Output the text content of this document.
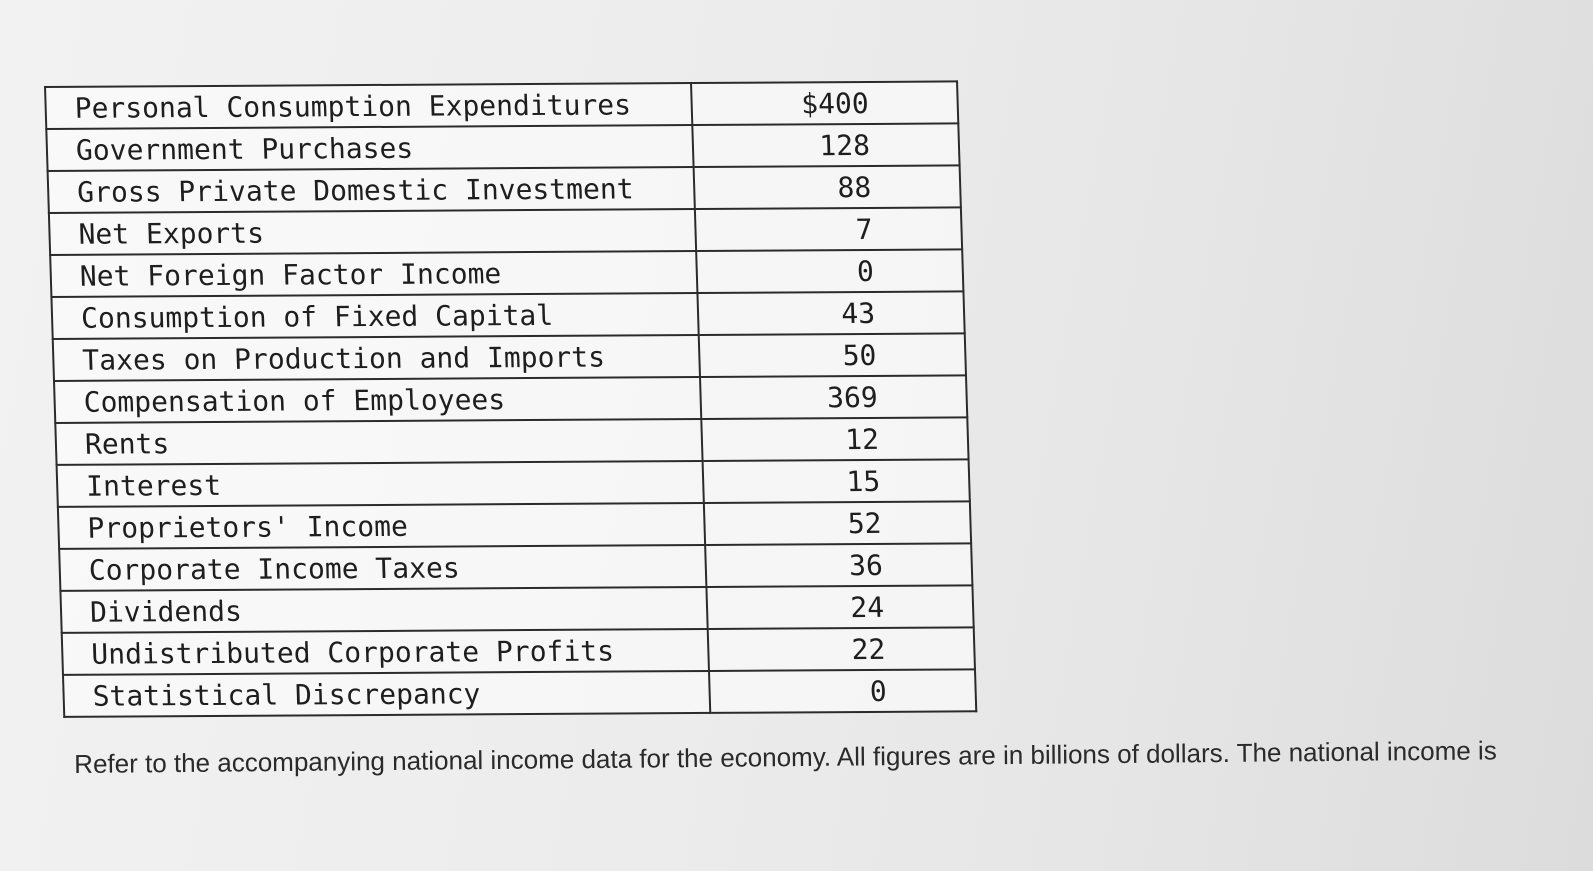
Personal Consumption Expenditures	$400
Government Purchases	128
Gross Private Domestic Investment	88
Net Exports	7
Net Foreign Factor Income	0
Consumption of Fixed Capital	43
Taxes on Production and Imports	50
Compensation of Employees	369
Rents	12
Interest	15
Proprietors' Income	52
Corporate Income Taxes	36
Dividends	24
Undistributed Corporate Profits	22
Statistical Discrepancy	0
Refer to the accompanying national income data for the economy. All figures are in billions of dollars. The national income is
